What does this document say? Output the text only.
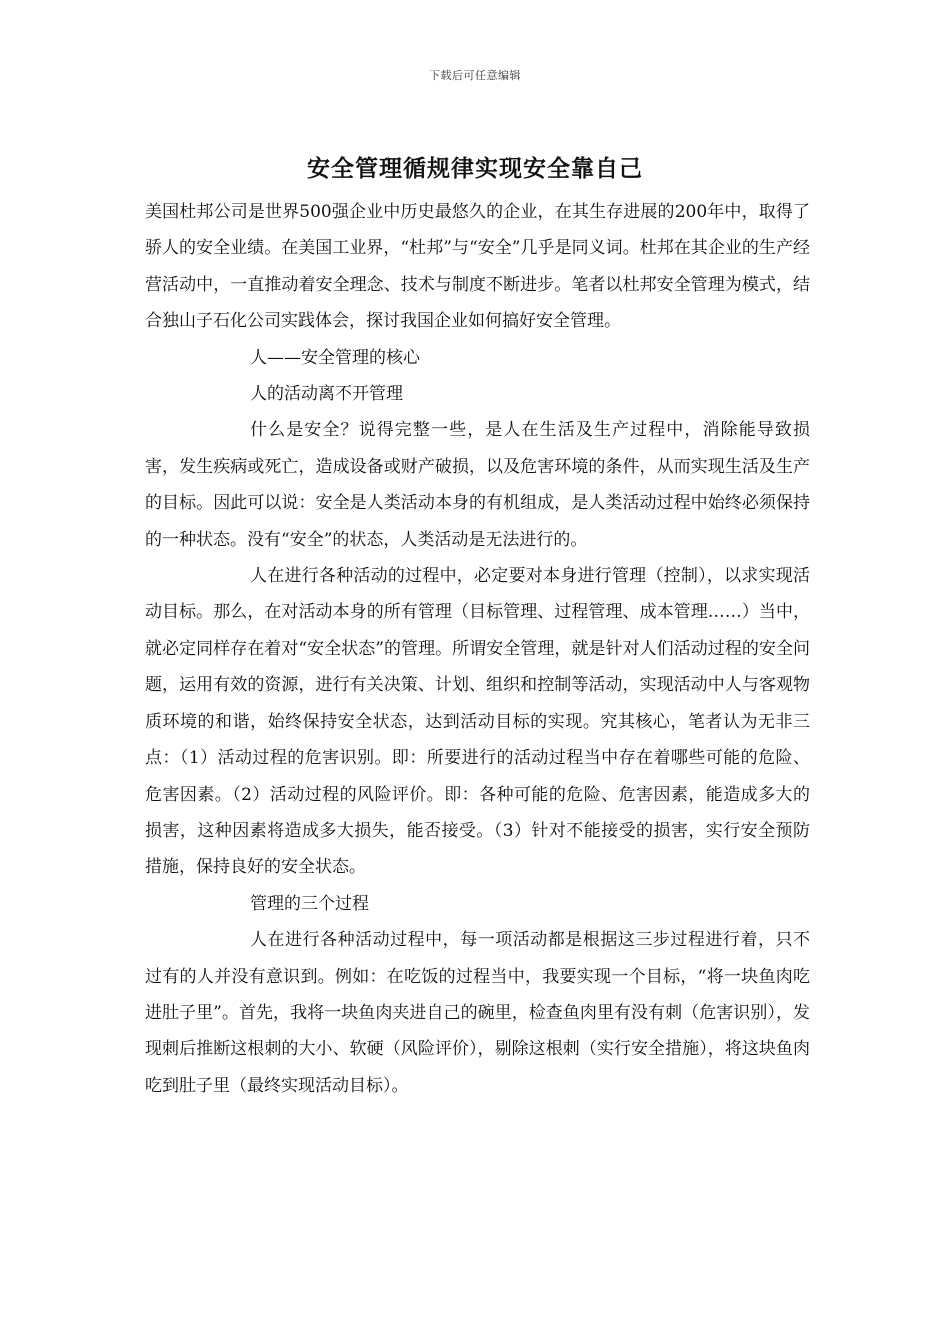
下载后可任意编辑
安全管理循规律实现安全靠自己

美国杜邦公司是世界500强企业中历史最悠久的企业，在其生存进展的200年中，取得了骄人的安全业绩。在美国工业界，“杜邦”与“安全”几乎是同义词。杜邦在其企业的生产经营活动中，一直推动着安全理念、技术与制度不断进步。笔者以杜邦安全管理为模式，结合独山子石化公司实践体会，探讨我国企业如何搞好安全管理。

人——安全管理的核心

人的活动离不开管理

什么是安全？说得完整一些，是人在生活及生产过程中，消除能导致损害，发生疾病或死亡，造成设备或财产破损，以及危害环境的条件，从而实现生活及生产的目标。因此可以说：安全是人类活动本身的有机组成，是人类活动过程中始终必须保持的一种状态。没有“安全”的状态，人类活动是无法进行的。

人在进行各种活动的过程中，必定要对本身进行管理（控制），以求实现活动目标。那么，在对活动本身的所有管理（目标管理、过程管理、成本管理……）当中，就必定同样存在着对“安全状态”的管理。所谓安全管理，就是针对人们活动过程的安全问题，运用有效的资源，进行有关决策、计划、组织和控制等活动，实现活动中人与客观物质环境的和谐，始终保持安全状态，达到活动目标的实现。究其核心，笔者认为无非三点：（1）活动过程的危害识别。即：所要进行的活动过程当中存在着哪些可能的危险、危害因素。（2）活动过程的风险评价。即：各种可能的危险、危害因素，能造成多大的损害，这种因素将造成多大损失，能否接受。（3）针对不能接受的损害，实行安全预防措施，保持良好的安全状态。

管理的三个过程

人在进行各种活动过程中，每一项活动都是根据这三步过程进行着，只不过有的人并没有意识到。例如：在吃饭的过程当中，我要实现一个目标，“将一块鱼肉吃进肚子里”。首先，我将一块鱼肉夹进自己的碗里，检查鱼肉里有没有刺（危害识别），发现刺后推断这根刺的大小、软硬（风险评价），剔除这根刺（实行安全措施），将这块鱼肉吃到肚子里（最终实现活动目标）。
